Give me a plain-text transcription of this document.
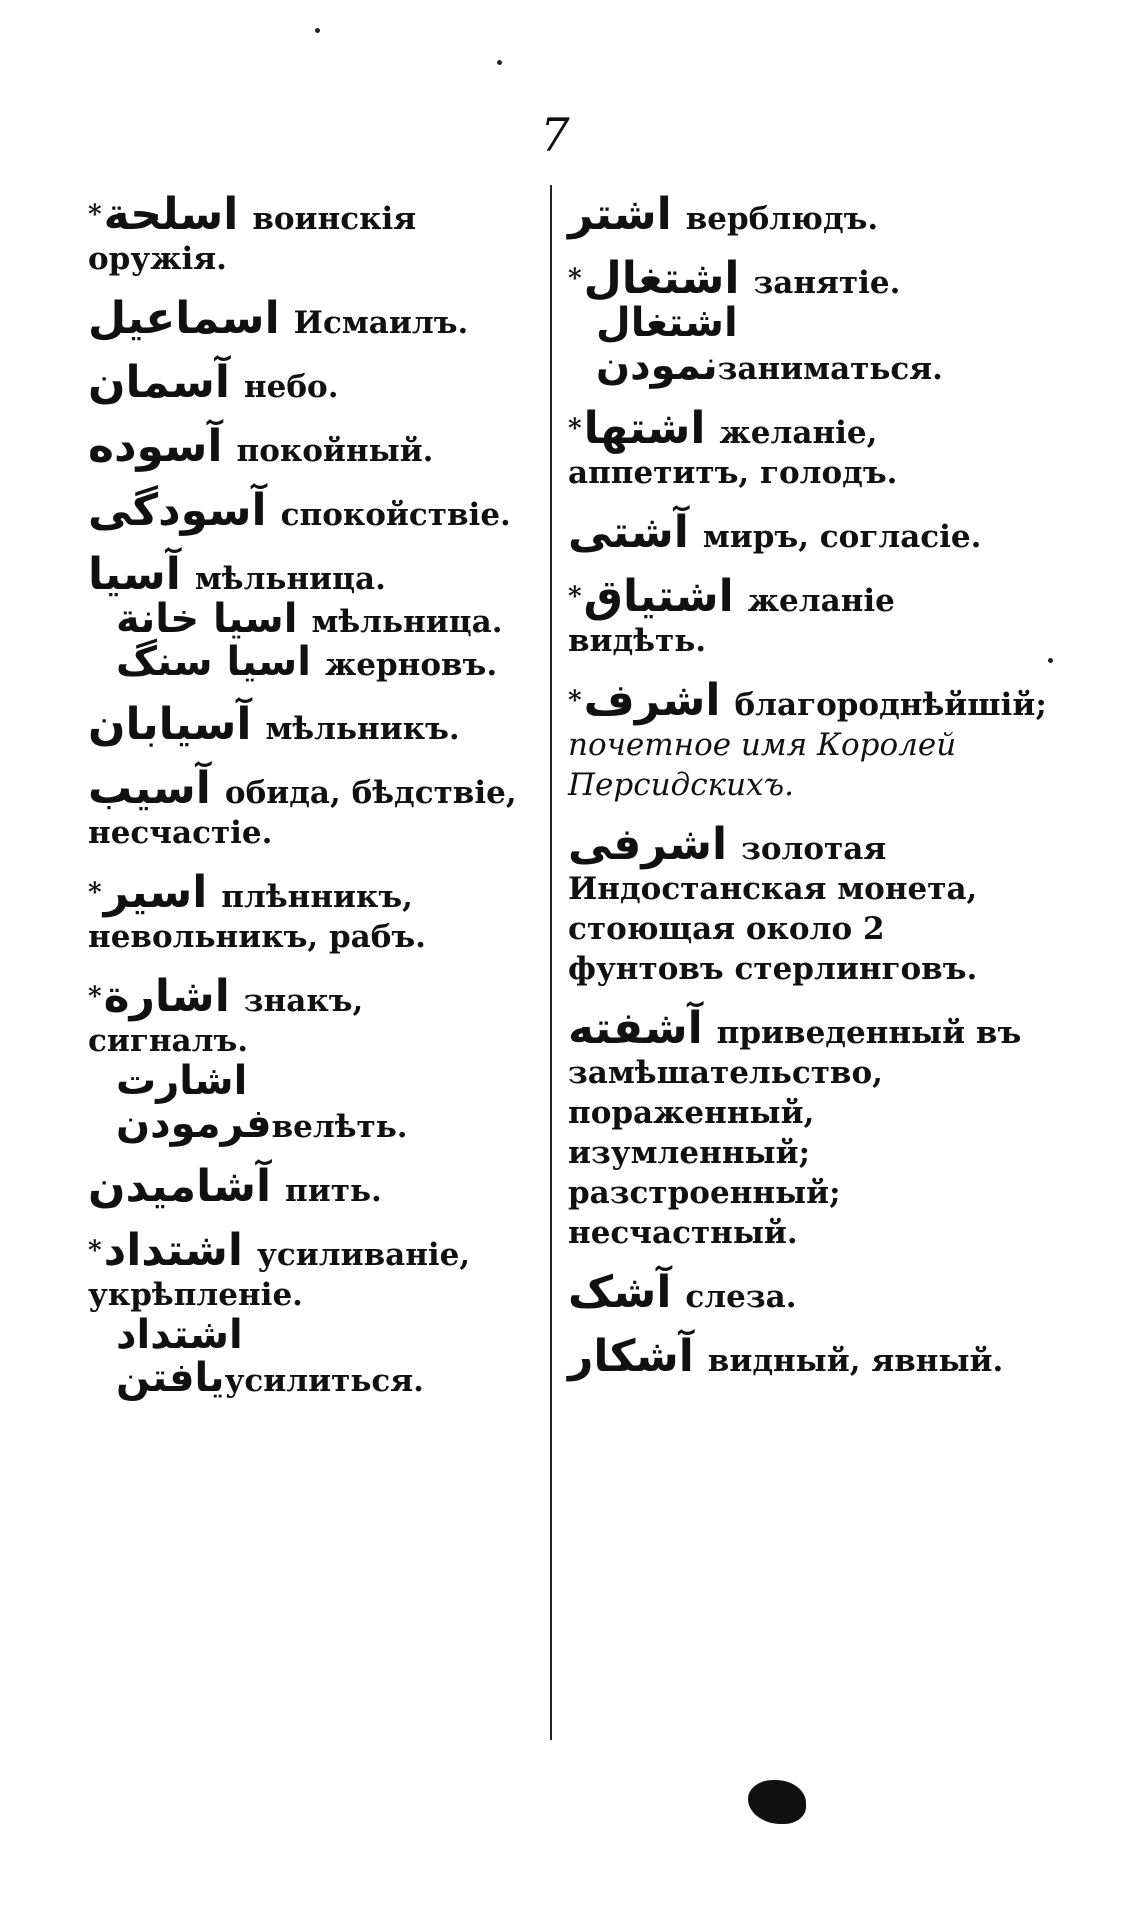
7
*اسلحة воинскія оружія.
اسماعيل Исмаилъ.
آسمان небо.
آسوده покойный.
آسودگی спокойствіе.
آسیا мѣльница.
اسیا خانة мѣльница.
اسیا سنگ жерновъ.
آسیابان мѣльникъ.
آسیب обида, бѣдствіе, несчастіе.
*اسیر плѣнникъ, невольникъ, рабъ.
*اشارة знакъ, сигналъ.
اشارت فرمودنвелѣть.
آشامیدن пить.
*اشتداد усиливаніе, укрѣпленіе.
اشتداد یافتنусилиться.
اشتر верблюдъ.
*اشتغال занятіе.
اشتغال نمودنзаниматься.
*اشتها желаніе, аппетитъ, голодъ.
آشتی миръ, согласіе.
*اشتیاق желаніе видѣть.
*اشرف благороднѣйшій; почетное имя Королей Персидскихъ.
اشرفی золотая Индостанская монета, стоющая около 2 фунтовъ стерлинговъ.
آشفته приведенный въ замѣшательство, пораженный, изумленный; разстроенный; несчастный.
آشک слеза.
آشکار видный, явный.
